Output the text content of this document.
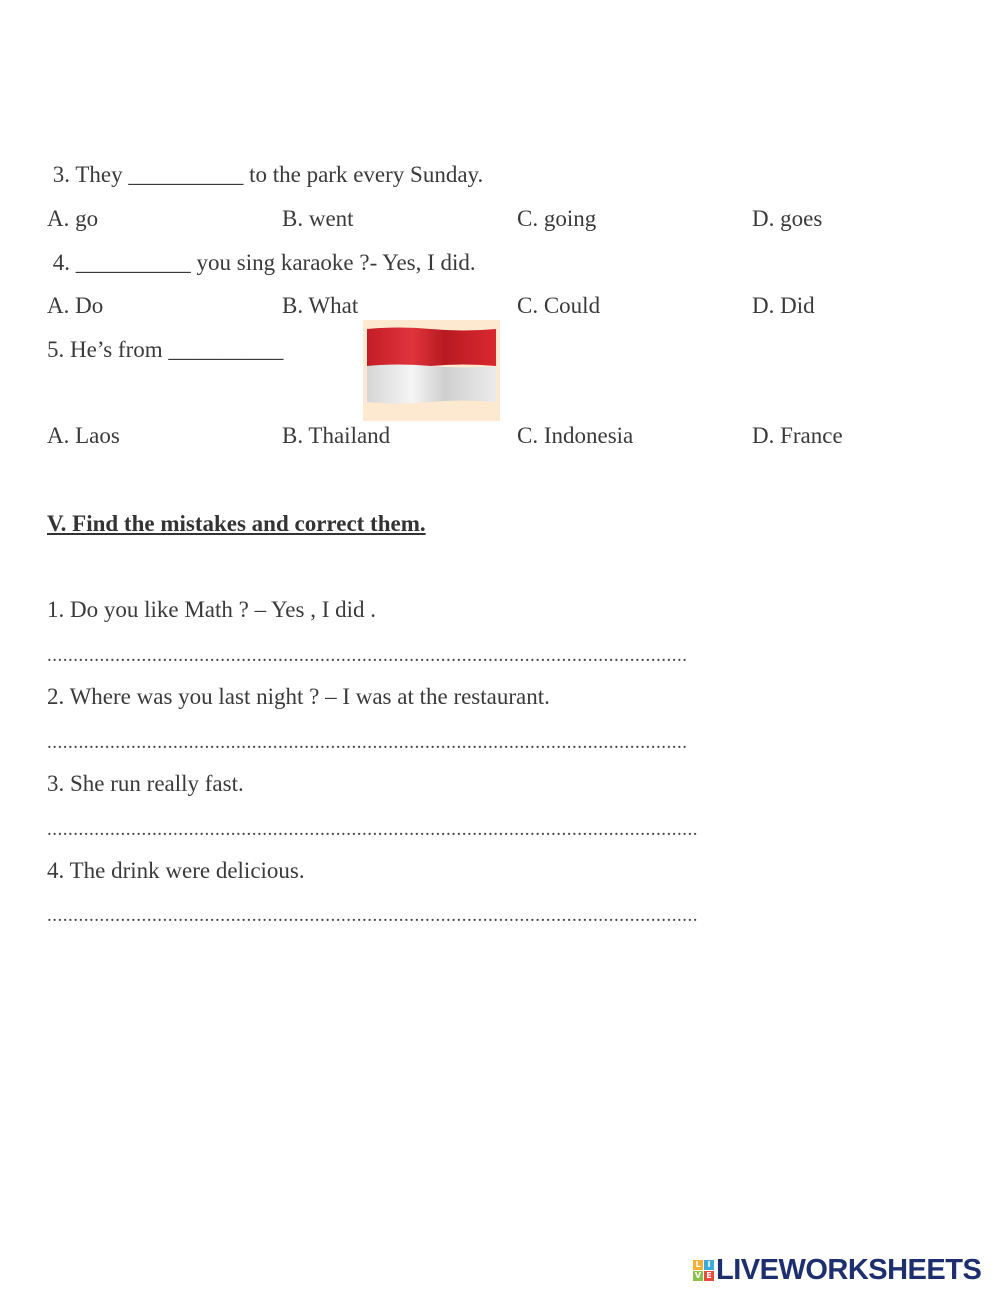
3. They __________ to the park every Sunday.
A. go	B. went	C. going	D. goes
4. __________ you sing karaoke ?- Yes, I did.
A. Do	B. What	C. Could	D. Did
5. He’s from __________
A. Laos	B. Thailand	C. Indonesia	D. France
V. Find the mistakes and correct them.
1. Do you like Math ? – Yes , I did .
..........................................................................................................................
2. Where was you last night ? – I was at the restaurant.
..........................................................................................................................
3. She run really fast.
............................................................................................................................
4. The drink were delicious.
............................................................................................................................
L I
V E LIVEWORKSHEETS
